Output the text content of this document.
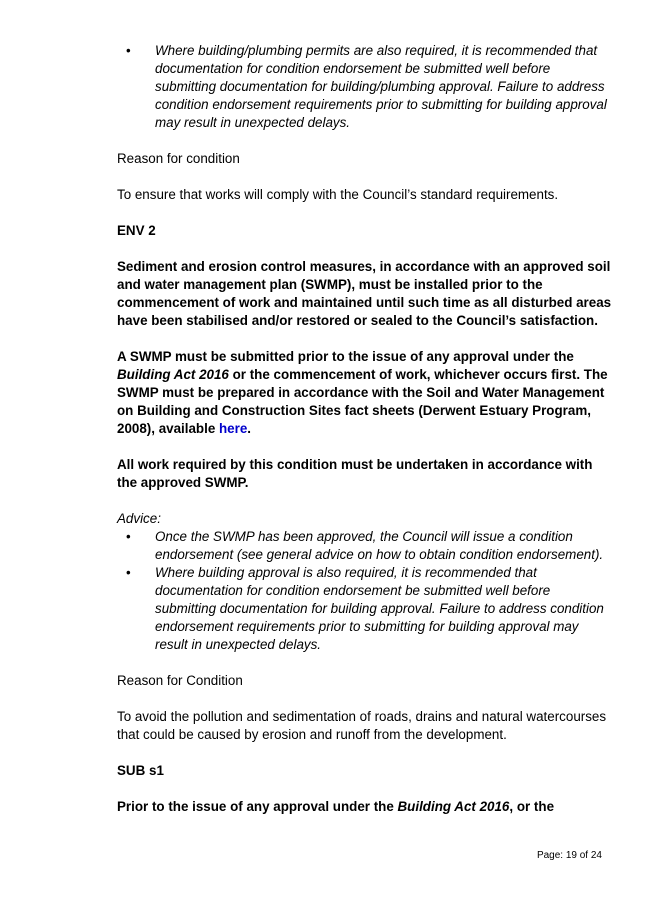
• Where building/plumbing permits are also required, it is recommended that documentation for condition endorsement be submitted well before submitting documentation for building/plumbing approval. Failure to address condition endorsement requirements prior to submitting for building approval may result in unexpected delays.

Reason for condition

To ensure that works will comply with the Council’s standard requirements.

ENV 2

Sediment and erosion control measures, in accordance with an approved soil and water management plan (SWMP), must be installed prior to the commencement of work and maintained until such time as all disturbed areas have been stabilised and/or restored or sealed to the Council’s satisfaction.

A SWMP must be submitted prior to the issue of any approval under the Building Act 2016 or the commencement of work, whichever occurs first. The SWMP must be prepared in accordance with the Soil and Water Management on Building and Construction Sites fact sheets (Derwent Estuary Program, 2008), available here.

All work required by this condition must be undertaken in accordance with the approved SWMP.

Advice:

• Once the SWMP has been approved, the Council will issue a condition endorsement (see general advice on how to obtain condition endorsement).
• Where building approval is also required, it is recommended that documentation for condition endorsement be submitted well before submitting documentation for building approval. Failure to address condition endorsement requirements prior to submitting for building approval may result in unexpected delays.

Reason for Condition

To avoid the pollution and sedimentation of roads, drains and natural watercourses that could be caused by erosion and runoff from the development.

SUB s1

Prior to the issue of any approval under the Building Act 2016, or the

Page: 19 of 24
